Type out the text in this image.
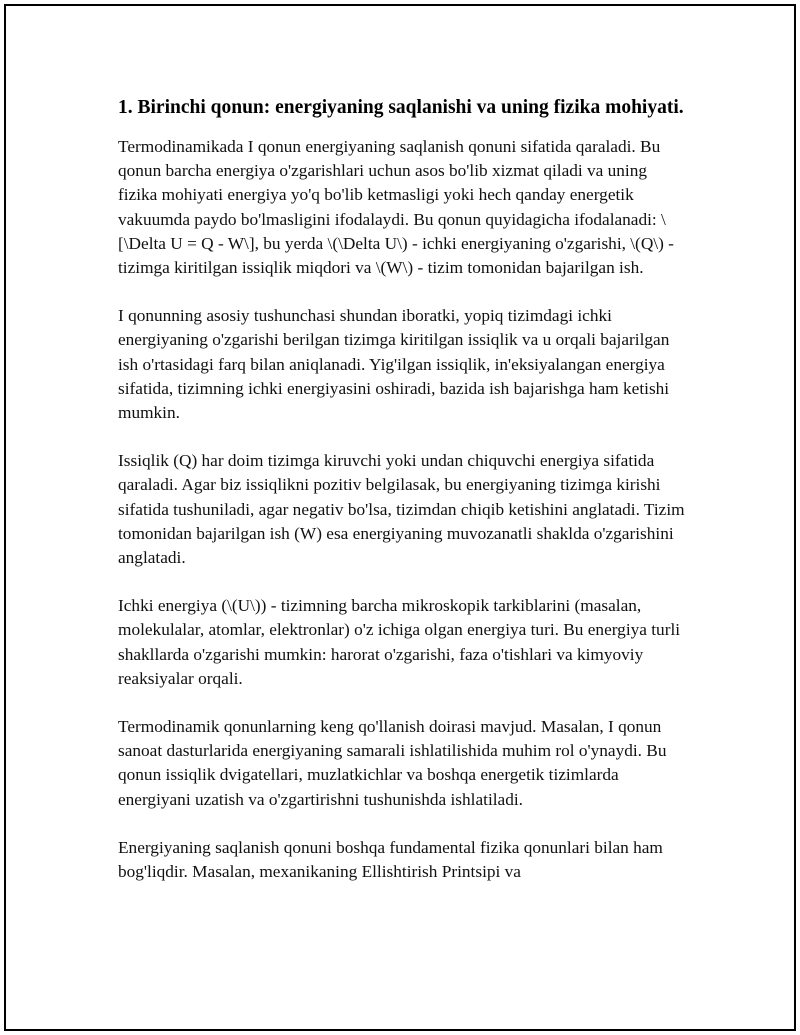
1. Birinchi qonun: energiyaning saqlanishi va uning fizika mohiyati.

Termodinamikada I qonun energiyaning saqlanish qonuni sifatida qaraladi. Bu qonun barcha energiya o'zgarishlari uchun asos bo'lib xizmat qiladi va uning fizika mohiyati energiya yo'q bo'lib ketmasligi yoki hech qanday energetik vakuumda paydo bo'lmasligini ifodalaydi. Bu qonun quyidagicha ifodalanadi: \[\Delta U = Q - W\], bu yerda \(\Delta U\) - ichki energiyaning o'zgarishi, \(Q\) - tizimga kiritilgan issiqlik miqdori va \(W\) - tizim tomonidan bajarilgan ish.

I qonunning asosiy tushunchasi shundan iboratki, yopiq tizimdagi ichki energiyaning o'zgarishi berilgan tizimga kiritilgan issiqlik va u orqali bajarilgan ish o'rtasidagi farq bilan aniqlanadi. Yig'ilgan issiqlik, in'eksiyalangan energiya sifatida, tizimning ichki energiyasini oshiradi, bazida ish bajarishga ham ketishi mumkin.

Issiqlik (Q) har doim tizimga kiruvchi yoki undan chiquvchi energiya sifatida qaraladi. Agar biz issiqlikni pozitiv belgilasak, bu energiyaning tizimga kirishi sifatida tushuniladi, agar negativ bo'lsa, tizimdan chiqib ketishini anglatadi. Tizim tomonidan bajarilgan ish (W) esa energiyaning muvozanatli shaklda o'zgarishini anglatadi.

Ichki energiya (\(U\)) - tizimning barcha mikroskopik tarkiblarini (masalan, molekulalar, atomlar, elektronlar) o'z ichiga olgan energiya turi. Bu energiya turli shakllarda o'zgarishi mumkin: harorat o'zgarishi, faza o'tishlari va kimyoviy reaksiyalar orqali.

Termodinamik qonunlarning keng qo'llanish doirasi mavjud. Masalan, I qonun sanoat dasturlarida energiyaning samarali ishlatilishida muhim rol o'ynaydi. Bu qonun issiqlik dvigatellari, muzlatkichlar va boshqa energetik tizimlarda energiyani uzatish va o'zgartirishni tushunishda ishlatiladi.

Energiyaning saqlanish qonuni boshqa fundamental fizika qonunlari bilan ham bog'liqdir. Masalan, mexanikaning Ellishtirish Printsipi va
